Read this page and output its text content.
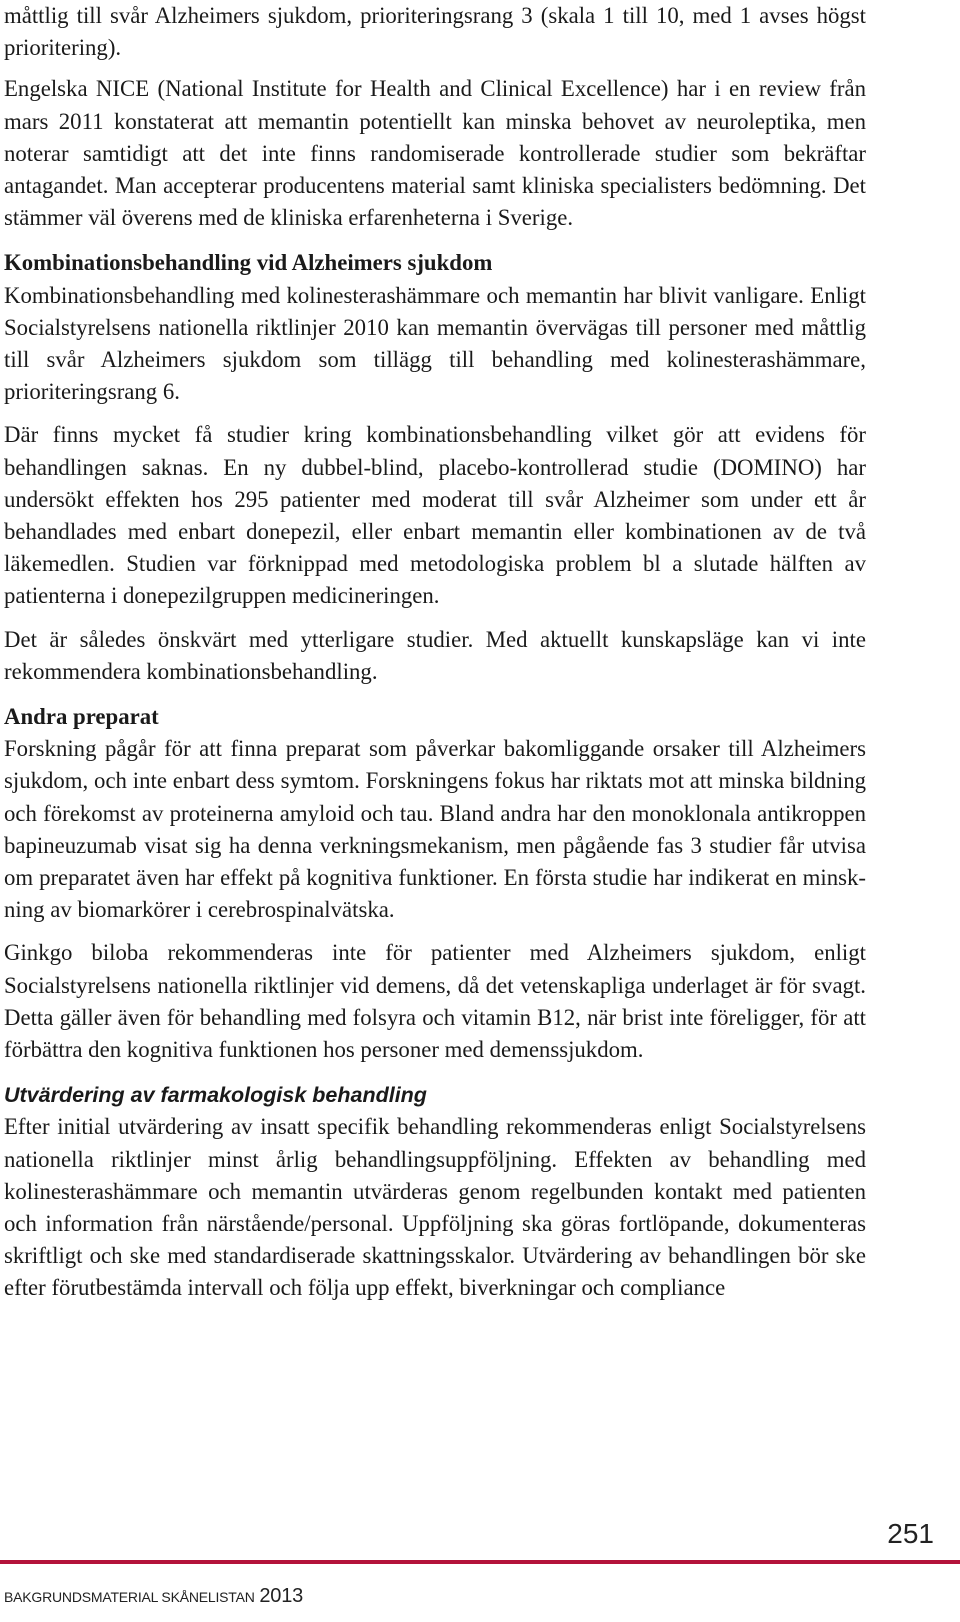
måttlig till svår Alzheimers sjukdom, prioriteringsrang 3 (skala 1 till 10, med 1 avses högst prioritering).

Engelska NICE (National Institute for Health and Clinical Excellence) har i en review från mars 2011 konstaterat att memantin potentiellt kan minska behovet av neuroleptika, men noterar samtidigt att det inte finns randomiserade kontrollerade studier som bekräftar antagandet. Man accepterar producentens material samt kliniska specialisters bedömning. Det stämmer väl överens med de kliniska erfarenheterna i Sverige.

Kombinationsbehandling vid Alzheimers sjukdom

Kombinationsbehandling med kolinesterashämmare och memantin har blivit vanligare. Enligt Socialstyrelsens nationella riktlinjer 2010 kan memantin övervägas till personer med måttlig till svår Alzheimers sjukdom som tillägg till behandling med kolinesterashämmare, prioriteringsrang 6.

Där finns mycket få studier kring kombinationsbehandling vilket gör att evidens för behandlingen saknas. En ny dubbel-blind, placebo-kontrollerad studie (DOMINO) har undersökt effekten hos 295 patienter med moderat till svår Alzheimer som under ett år behandlades med enbart donepezil, eller enbart memantin eller kombinationen av de två läkemedlen. Studien var förknippad med metodologiska problem bl a slutade hälften av patienterna i donepezilgruppen medicineringen.

Det är således önskvärt med ytterligare studier. Med aktuellt kunskapsläge kan vi inte rekommendera kombinationsbehandling.

Andra preparat

Forskning pågår för att finna preparat som påverkar bakomliggande orsaker till Alzheimers sjukdom, och inte enbart dess symtom. Forskningens fokus har riktats mot att minska bildning och förekomst av proteinerna amyloid och tau. Bland andra har den monoklonala antikroppen bapineuzumab visat sig ha denna verkningsmekanism, men pågående fas 3 studier får utvisa om preparatet även har effekt på kognitiva funktioner. En första studie har indikerat en minskning av biomarkörer i cerebrospinalvätska.

Ginkgo biloba rekommenderas inte för patienter med Alzheimers sjukdom, enligt Socialstyrelsens nationella riktlinjer vid demens, då det vetenskapliga underlaget är för svagt. Detta gäller även för behandling med folsyra och vitamin B12, när brist inte föreligger, för att förbättra den kognitiva funktionen hos personer med demenssjukdom.

Utvärdering av farmakologisk behandling

Efter initial utvärdering av insatt specifik behandling rekommenderas enligt Socialstyrelsens nationella riktlinjer minst årlig behandlingsuppföljning. Effekten av behandling med kolinesterashämmare och memantin utvärderas genom regelbunden kontakt med patienten och information från närstående/personal. Uppföljning ska göras fortlöpande, dokumenteras skriftligt och ske med standardiserade skattningsskalor. Utvärdering av behandlingen bör ske efter förutbestämda intervall och följa upp effekt, biverkningar och compliance

251
BAKGRUNDSMATERIAL SKÅNELISTAN 2013
